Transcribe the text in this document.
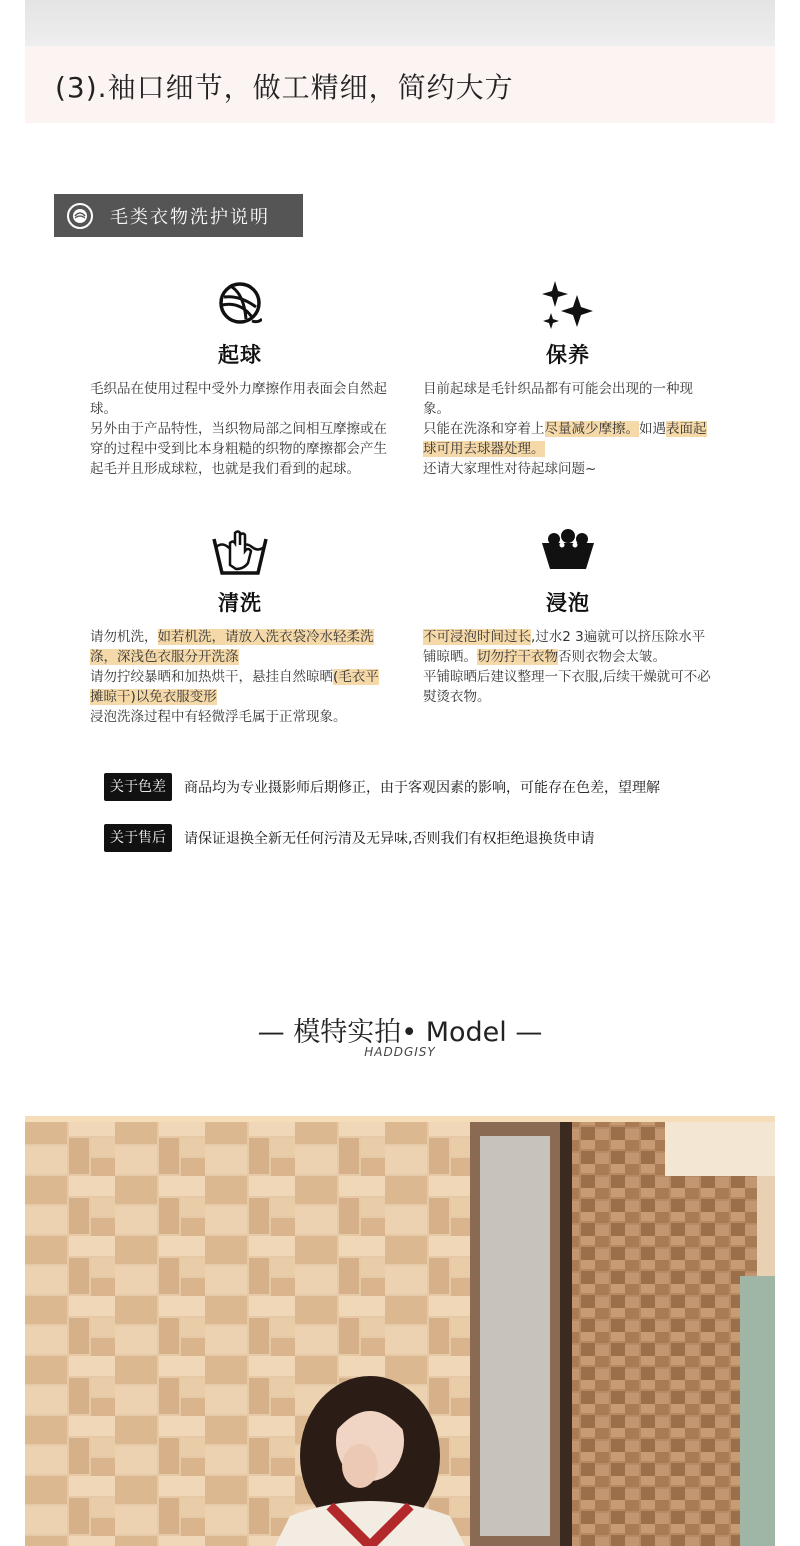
(3).袖口细节，做工精细，简约大方
毛类衣物洗护说明
起球
毛织品在使用过程中受外力摩擦作用表面会自然起球。
另外由于产品特性，当织物局部之间相互摩擦或在穿的过程中受到比本身粗糙的织物的摩擦都会产生起毛并且形成球粒，也就是我们看到的起球。
保养
目前起球是毛针织品都有可能会出现的一种现象。
只能在洗涤和穿着上尽量减少摩擦。如遇表面起球可用去球器处理。
还请大家理性对待起球问题~
清洗
请勿机洗，如若机洗，请放入洗衣袋冷水轻柔洗涤，深浅色衣服分开洗涤
请勿拧绞暴晒和加热烘干，悬挂自然晾晒(毛衣平摊晾干)以免衣服变形
浸泡洗涤过程中有轻微浮毛属于正常现象。
浸泡
不可浸泡时间过长,过水2 3遍就可以挤压除水平铺晾晒。切勿拧干衣物否则衣物会太皱。
平铺晾晒后建议整理一下衣服,后续干燥就可不必熨烫衣物。
关于色差	商品均为专业摄影师后期修正，由于客观因素的影响，可能存在色差，望理解
关于售后	请保证退换全新无任何污清及无异味,否则我们有权拒绝退换货申请
— 模特实拍• Model —
HADDGISY
